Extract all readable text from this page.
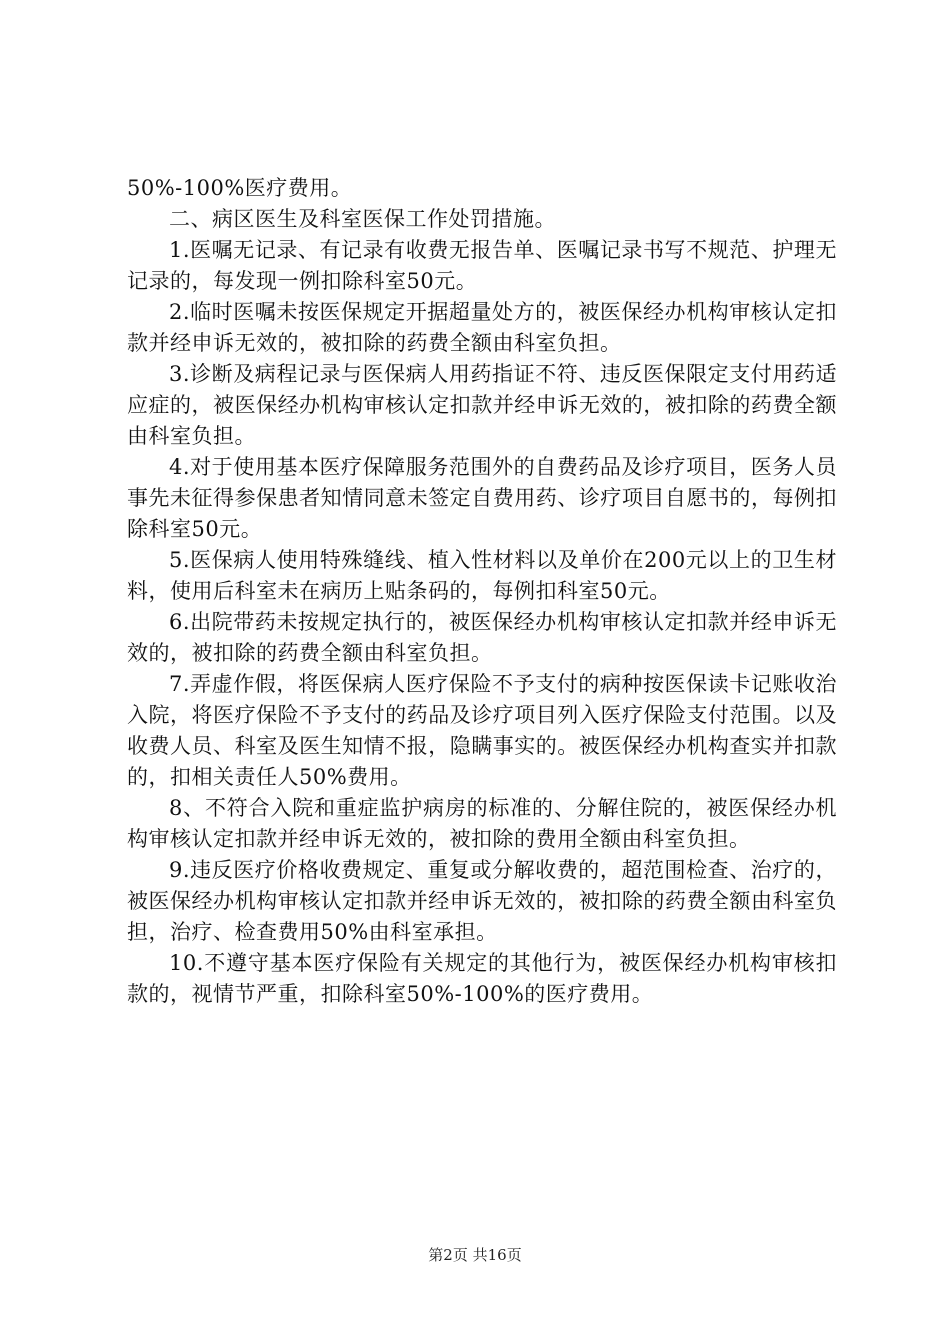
50%-100%医疗费用。

二、病区医生及科室医保工作处罚措施。

1.医嘱无记录、有记录有收费无报告单、医嘱记录书写不规范、护理无记录的，每发现一例扣除科室50元。

2.临时医嘱未按医保规定开据超量处方的，被医保经办机构审核认定扣款并经申诉无效的，被扣除的药费全额由科室负担。

3.诊断及病程记录与医保病人用药指证不符、违反医保限定支付用药适应症的，被医保经办机构审核认定扣款并经申诉无效的，被扣除的药费全额由科室负担。

4.对于使用基本医疗保障服务范围外的自费药品及诊疗项目，医务人员事先未征得参保患者知情同意未签定自费用药、诊疗项目自愿书的，每例扣除科室50元。

5.医保病人使用特殊缝线、植入性材料以及单价在200元以上的卫生材料，使用后科室未在病历上贴条码的，每例扣科室50元。

6.出院带药未按规定执行的，被医保经办机构审核认定扣款并经申诉无效的，被扣除的药费全额由科室负担。

7.弄虚作假，将医保病人医疗保险不予支付的病种按医保读卡记账收治入院，将医疗保险不予支付的药品及诊疗项目列入医疗保险支付范围。以及收费人员、科室及医生知情不报，隐瞒事实的。被医保经办机构查实并扣款的，扣相关责任人50%费用。

8、不符合入院和重症监护病房的标准的、分解住院的，被医保经办机构审核认定扣款并经申诉无效的，被扣除的费用全额由科室负担。

9.违反医疗价格收费规定、重复或分解收费的，超范围检查、治疗的，被医保经办机构审核认定扣款并经申诉无效的，被扣除的药费全额由科室负担，治疗、检查费用50%由科室承担。

10.不遵守基本医疗保险有关规定的其他行为，被医保经办机构审核扣款的，视情节严重，扣除科室50%-100%的医疗费用。

第2页 共16页
